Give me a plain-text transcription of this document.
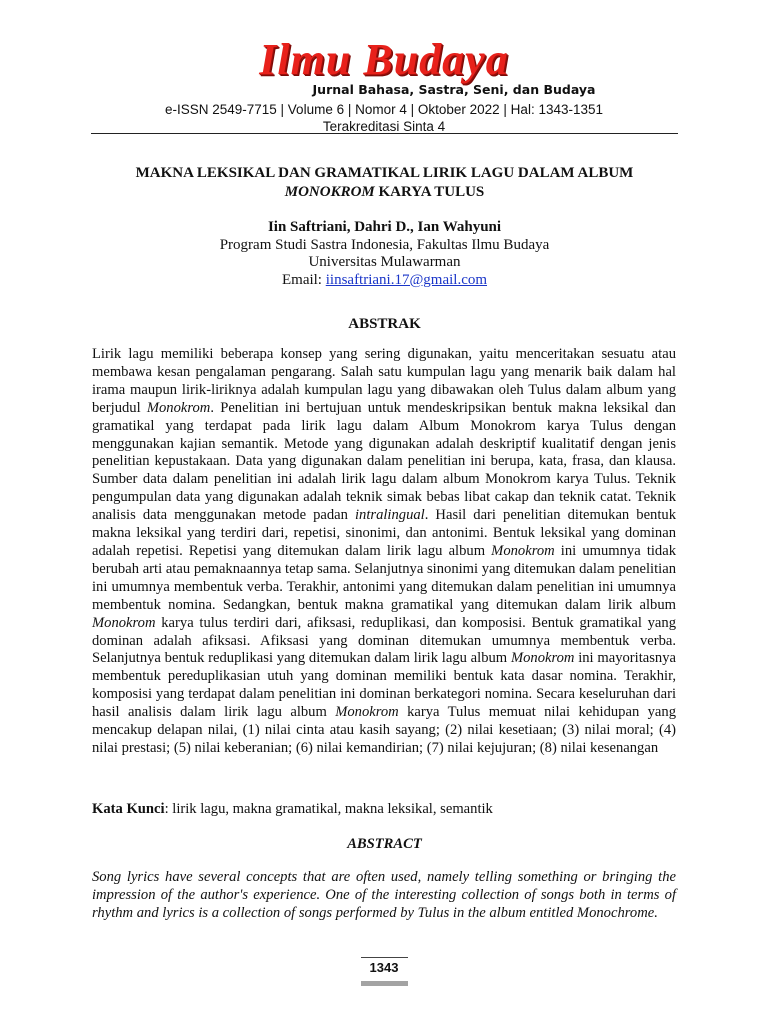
Ilmu Budaya
Jurnal Bahasa, Sastra, Seni, dan Budaya
e-ISSN 2549-7715 | Volume 6 | Nomor 4 | Oktober 2022 | Hal: 1343-1351
Terakreditasi Sinta 4
MAKNA LEKSIKAL DAN GRAMATIKAL LIRIK LAGU DALAM ALBUM
MONOKROM KARYA TULUS
Iin Saftriani, Dahri D., Ian Wahyuni
Program Studi Sastra Indonesia, Fakultas Ilmu Budaya
Universitas Mulawarman
Email: iinsaftriani.17@gmail.com
ABSTRAK
Lirik lagu memiliki beberapa konsep yang sering digunakan, yaitu menceritakan sesuatu atau membawa kesan pengalaman pengarang. Salah satu kumpulan lagu yang menarik baik dalam hal irama maupun lirik-liriknya adalah kumpulan lagu yang dibawakan oleh Tulus dalam album yang berjudul Monokrom. Penelitian ini bertujuan untuk mendeskripsikan bentuk makna leksikal dan gramatikal yang terdapat pada lirik lagu dalam Album Monokrom karya Tulus dengan menggunakan kajian semantik. Metode yang digunakan adalah deskriptif kualitatif dengan jenis penelitian kepustakaan. Data yang digunakan dalam penelitian ini berupa, kata, frasa, dan klausa. Sumber data dalam penelitian ini adalah lirik lagu dalam album Monokrom karya Tulus. Teknik pengumpulan data yang digunakan adalah teknik simak bebas libat cakap dan teknik catat. Teknik analisis data menggunakan metode padan intralingual. Hasil dari penelitian ditemukan bentuk makna leksikal yang terdiri dari, repetisi, sinonimi, dan antonimi. Bentuk leksikal yang dominan adalah repetisi. Repetisi yang ditemukan dalam lirik lagu album Monokrom ini umumnya tidak berubah arti atau pemaknaannya tetap sama. Selanjutnya sinonimi yang ditemukan dalam penelitian ini umumnya membentuk verba. Terakhir, antonimi yang ditemukan dalam penelitian ini umumnya membentuk nomina. Sedangkan, bentuk makna gramatikal yang ditemukan dalam lirik album Monokrom karya tulus terdiri dari, afiksasi, reduplikasi, dan komposisi. Bentuk gramatikal yang dominan adalah afiksasi. Afiksasi yang dominan ditemukan umumnya membentuk verba. Selanjutnya bentuk reduplikasi yang ditemukan dalam lirik lagu album Monokrom ini mayoritasnya membentuk pereduplikasian utuh yang dominan memiliki bentuk kata dasar nomina. Terakhir, komposisi yang terdapat dalam penelitian ini dominan berkategori nomina. Secara keseluruhan dari hasil analisis dalam lirik lagu album Monokrom karya Tulus memuat nilai kehidupan yang mencakup delapan nilai, (1) nilai cinta atau kasih sayang; (2) nilai kesetiaan; (3) nilai moral; (4) nilai prestasi; (5) nilai keberanian; (6) nilai kemandirian; (7) nilai kejujuran; (8) nilai kesenangan
Kata Kunci: lirik lagu, makna gramatikal, makna leksikal, semantik
ABSTRACT
Song lyrics have several concepts that are often used, namely telling something or bringing the impression of the author's experience. One of the interesting collection of songs both in terms of rhythm and lyrics is a collection of songs performed by Tulus in the album entitled Monochrome.
1343
